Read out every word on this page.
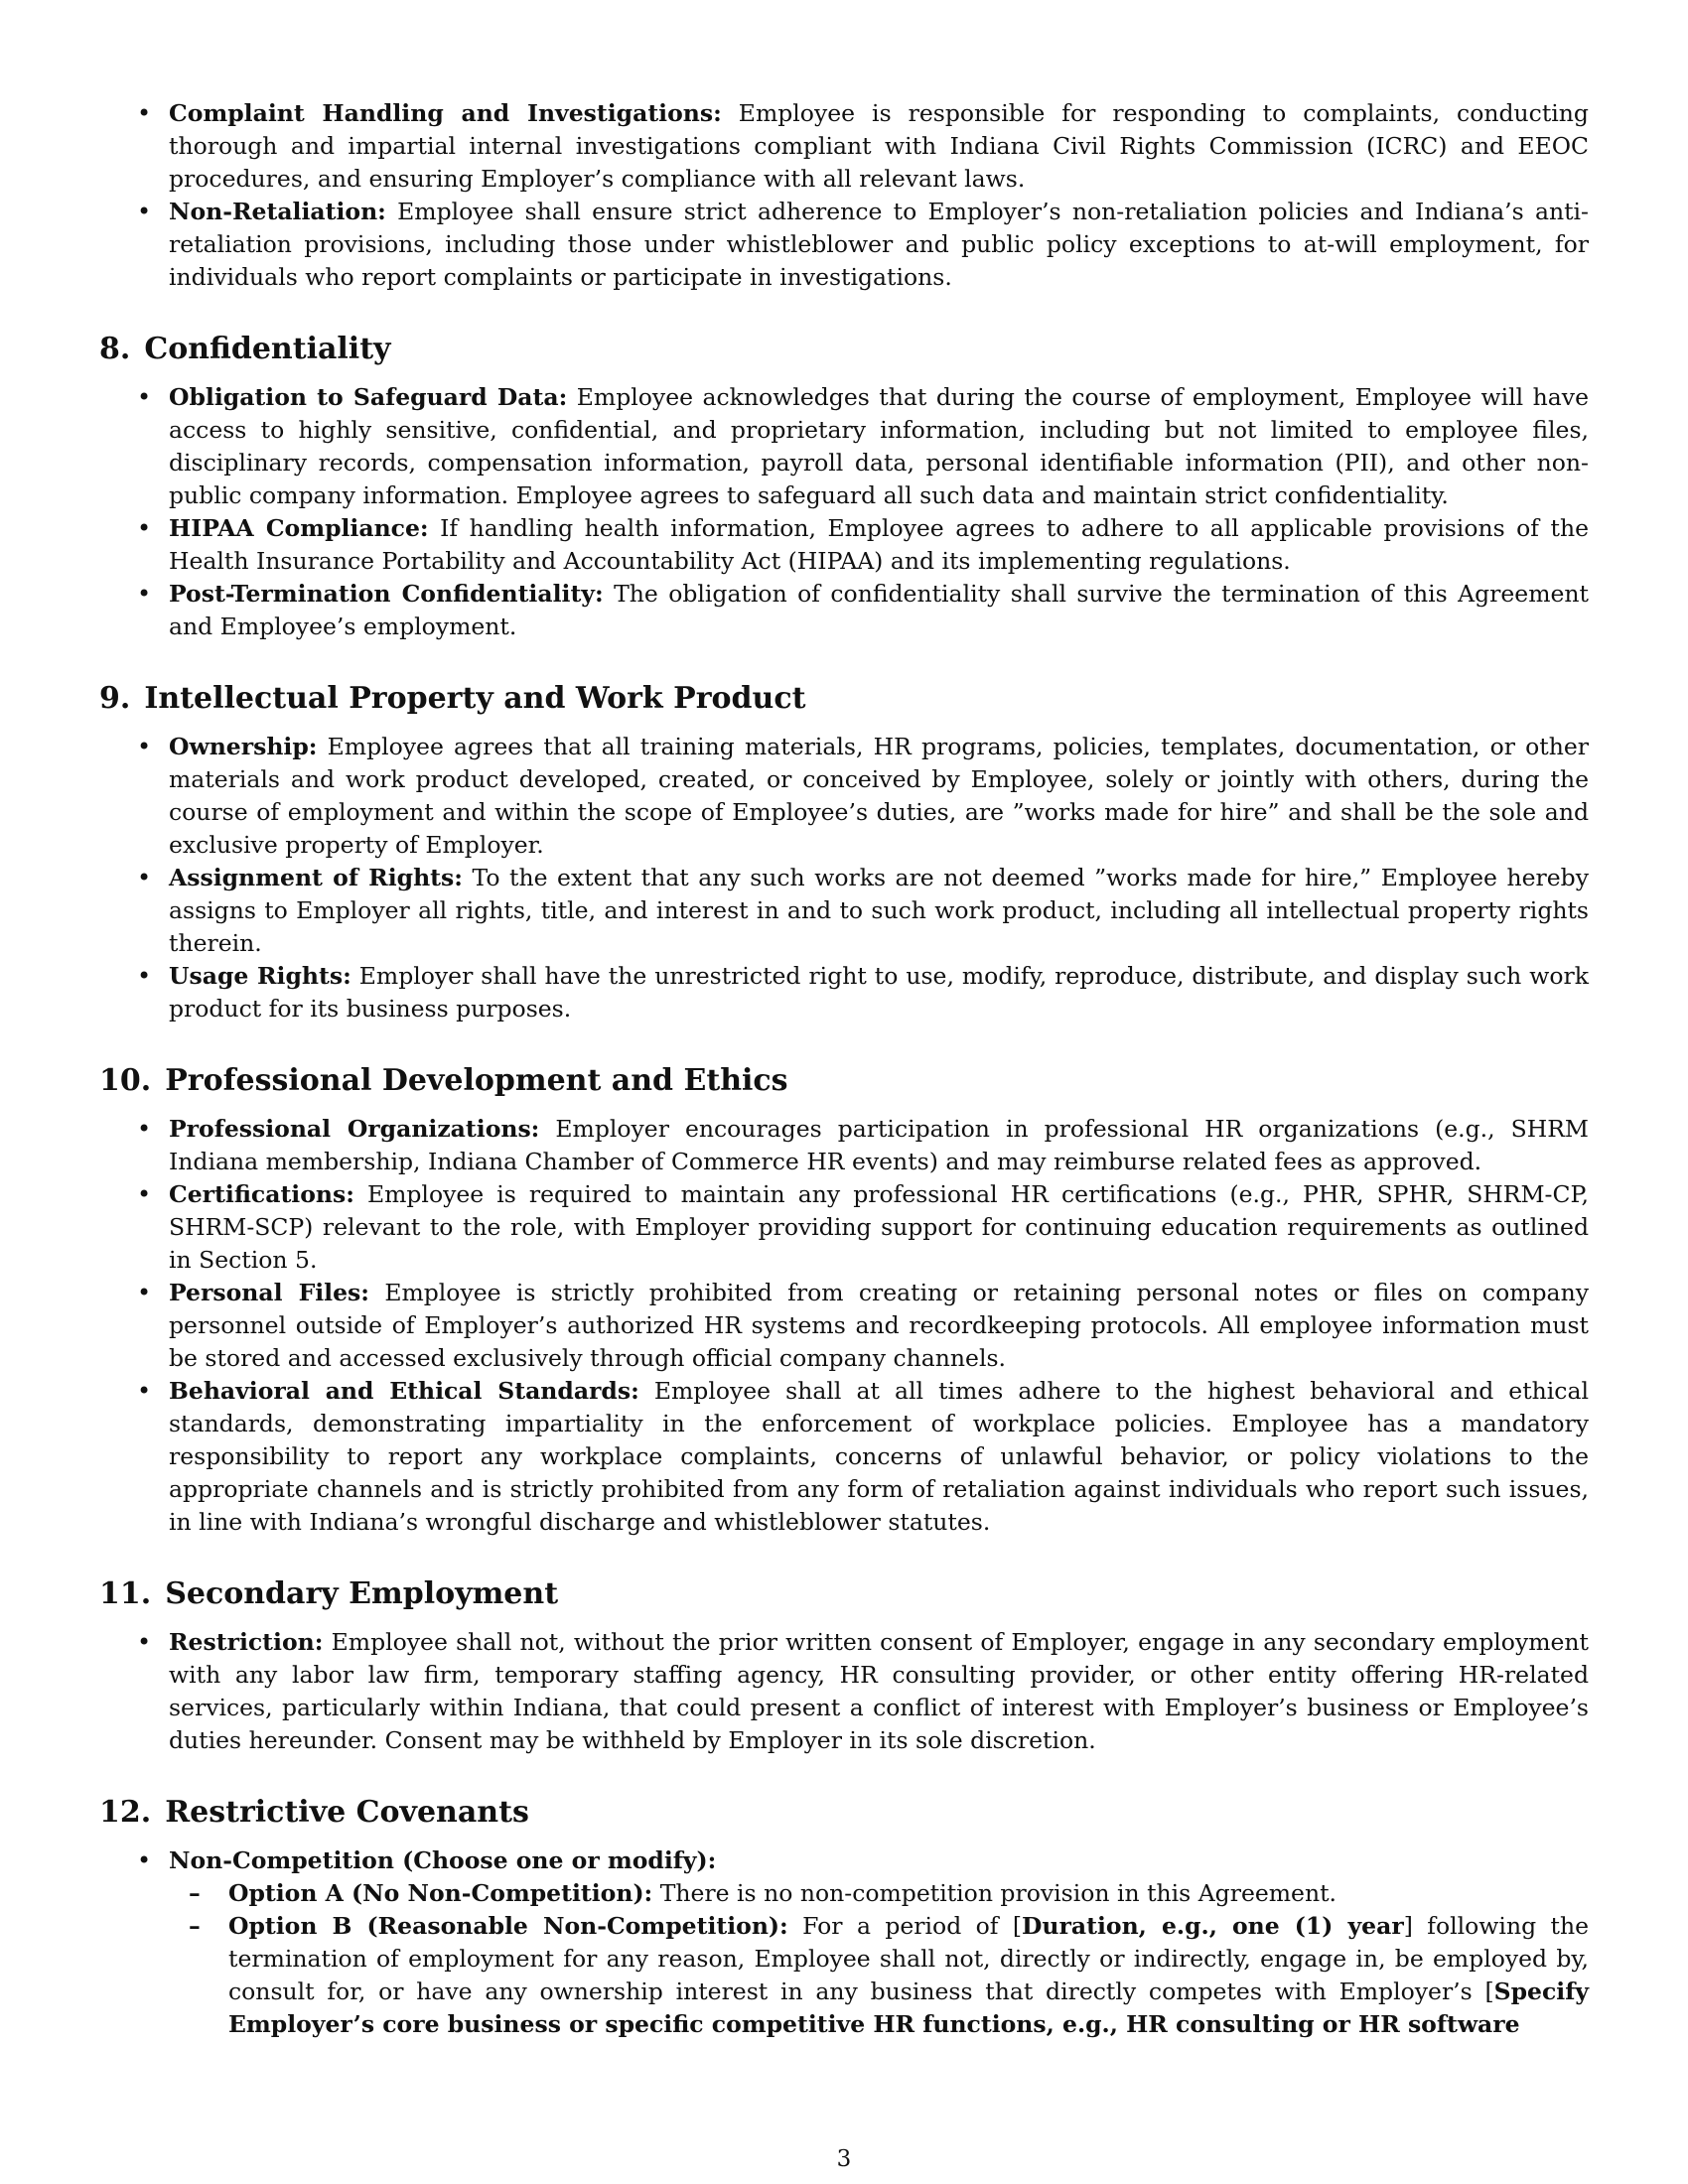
• Complaint Handling and Investigations: Employee is responsible for responding to complaints, conducting thorough and impartial internal investigations compliant with Indiana Civil Rights Commission (ICRC) and EEOC procedures, and ensuring Employer’s compliance with all relevant laws.
• Non-Retaliation: Employee shall ensure strict adherence to Employer’s non-retaliation policies and Indiana’s anti-retaliation provisions, including those under whistleblower and public policy exceptions to at-will employment, for individuals who report complaints or participate in investigations.
8. Confidentiality
• Obligation to Safeguard Data: Employee acknowledges that during the course of employment, Employee will have access to highly sensitive, confidential, and proprietary information, including but not limited to employee files, disciplinary records, compensation information, payroll data, personal identifiable information (PII), and other non-public company information. Employee agrees to safeguard all such data and maintain strict confidentiality.
• HIPAA Compliance: If handling health information, Employee agrees to adhere to all applicable provisions of the Health Insurance Portability and Accountability Act (HIPAA) and its implementing regulations.
• Post-Termination Confidentiality: The obligation of confidentiality shall survive the termination of this Agreement and Employee’s employment.
9. Intellectual Property and Work Product
• Ownership: Employee agrees that all training materials, HR programs, policies, templates, documentation, or other materials and work product developed, created, or conceived by Employee, solely or jointly with others, during the course of employment and within the scope of Employee’s duties, are ”works made for hire” and shall be the sole and exclusive property of Employer.
• Assignment of Rights: To the extent that any such works are not deemed ”works made for hire,” Employee hereby assigns to Employer all rights, title, and interest in and to such work product, including all intellectual property rights therein.
• Usage Rights: Employer shall have the unrestricted right to use, modify, reproduce, distribute, and display such work product for its business purposes.
10. Professional Development and Ethics
• Professional Organizations: Employer encourages participation in professional HR organizations (e.g., SHRM Indiana membership, Indiana Chamber of Commerce HR events) and may reimburse related fees as approved.
• Certifications: Employee is required to maintain any professional HR certifications (e.g., PHR, SPHR, SHRM-CP, SHRM-SCP) relevant to the role, with Employer providing support for continuing education requirements as outlined in Section 5.
• Personal Files: Employee is strictly prohibited from creating or retaining personal notes or files on company personnel outside of Employer’s authorized HR systems and recordkeeping protocols. All employee information must be stored and accessed exclusively through official company channels.
• Behavioral and Ethical Standards: Employee shall at all times adhere to the highest behavioral and ethical standards, demonstrating impartiality in the enforcement of workplace policies. Employee has a mandatory responsibility to report any workplace complaints, concerns of unlawful behavior, or policy violations to the appropriate channels and is strictly prohibited from any form of retaliation against individuals who report such issues, in line with Indiana’s wrongful discharge and whistleblower statutes.
11. Secondary Employment
• Restriction: Employee shall not, without the prior written consent of Employer, engage in any secondary employment with any labor law firm, temporary staffing agency, HR consulting provider, or other entity offering HR-related services, particularly within Indiana, that could present a conflict of interest with Employer’s business or Employee’s duties hereunder. Consent may be withheld by Employer in its sole discretion.
12. Restrictive Covenants
• Non-Competition (Choose one or modify):
– Option A (No Non-Competition): There is no non-competition provision in this Agreement.
– Option B (Reasonable Non-Competition): For a period of [Duration, e.g., one (1) year] following the termination of employment for any reason, Employee shall not, directly or indirectly, engage in, be employed by, consult for, or have any ownership interest in any business that directly competes with Employer’s [Specify Employer’s core business or specific competitive HR functions, e.g., HR consulting or HR software
3
